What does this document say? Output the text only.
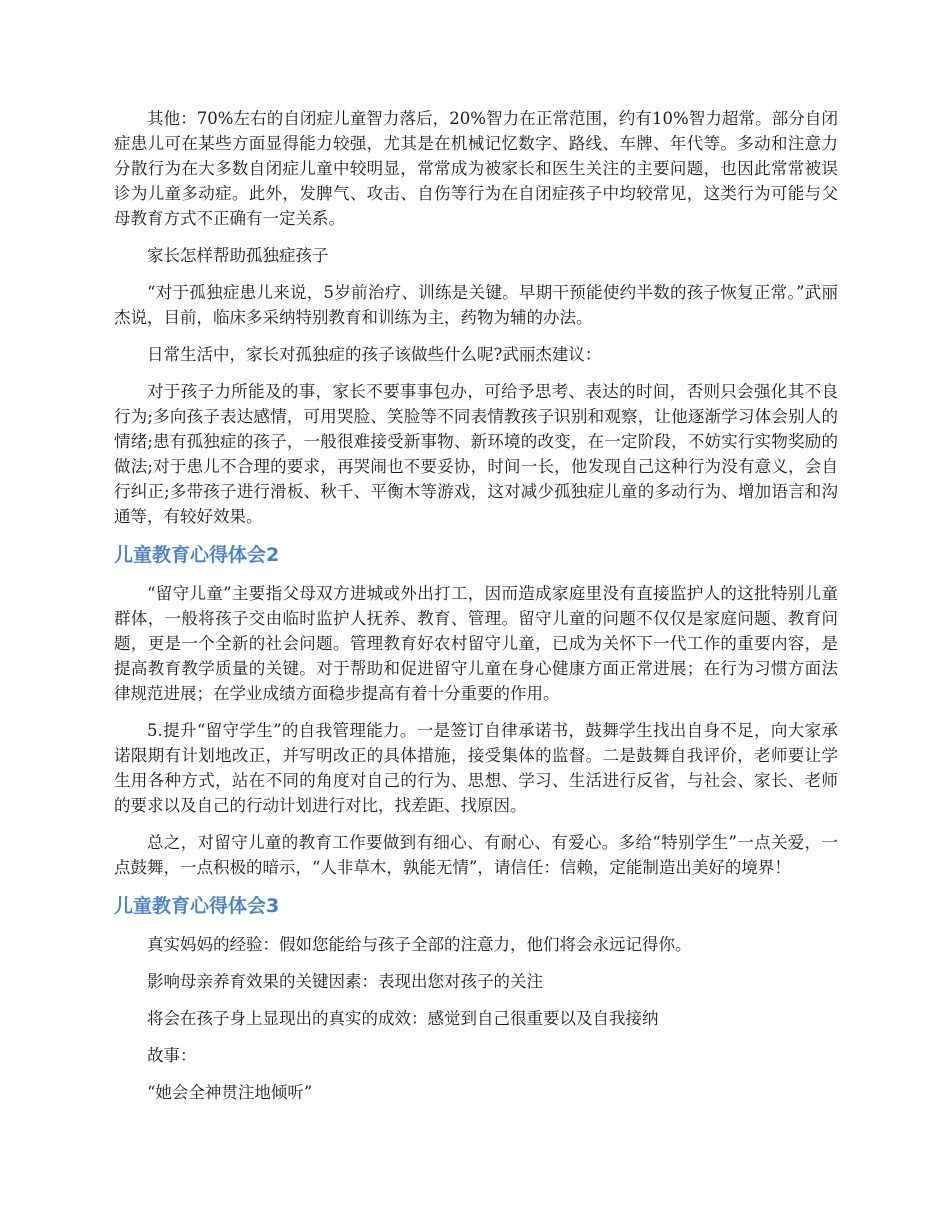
其他：70%左右的自闭症儿童智力落后，20%智力在正常范围，约有10%智力超常。部分自闭症患儿可在某些方面显得能力较强，尤其是在机械记忆数字、路线、车牌、年代等。多动和注意力分散行为在大多数自闭症儿童中较明显，常常成为被家长和医生关注的主要问题，也因此常常被误诊为儿童多动症。此外，发脾气、攻击、自伤等行为在自闭症孩子中均较常见，这类行为可能与父母教育方式不正确有一定关系。

家长怎样帮助孤独症孩子

“对于孤独症患儿来说，5岁前治疗、训练是关键。早期干预能使约半数的孩子恢复正常。”武丽杰说，目前，临床多采纳特别教育和训练为主，药物为辅的办法。

日常生活中，家长对孤独症的孩子该做些什么呢?武丽杰建议：

对于孩子力所能及的事，家长不要事事包办，可给予思考、表达的时间，否则只会强化其不良行为;多向孩子表达感情，可用哭脸、笑脸等不同表情教孩子识别和观察，让他逐渐学习体会别人的情绪;患有孤独症的孩子，一般很难接受新事物、新环境的改变，在一定阶段，不妨实行实物奖励的做法;对于患儿不合理的要求，再哭闹也不要妥协，时间一长，他发现自己这种行为没有意义，会自行纠正;多带孩子进行滑板、秋千、平衡木等游戏，这对减少孤独症儿童的多动行为、增加语言和沟通等，有较好效果。

儿童教育心得体会2

“留守儿童”主要指父母双方进城或外出打工，因而造成家庭里没有直接监护人的这批特别儿童群体，一般将孩子交由临时监护人抚养、教育、管理。留守儿童的问题不仅仅是家庭问题、教育问题，更是一个全新的社会问题。管理教育好农村留守儿童，已成为关怀下一代工作的重要内容，是提高教育教学质量的关键。对于帮助和促进留守儿童在身心健康方面正常进展；在行为习惯方面法律规范进展；在学业成绩方面稳步提高有着十分重要的作用。

5.提升“留守学生”的自我管理能力。一是签订自律承诺书，鼓舞学生找出自身不足，向大家承诺限期有计划地改正，并写明改正的具体措施，接受集体的监督。二是鼓舞自我评价，老师要让学生用各种方式，站在不同的角度对自己的行为、思想、学习、生活进行反省，与社会、家长、老师的要求以及自己的行动计划进行对比，找差距、找原因。

总之，对留守儿童的教育工作要做到有细心、有耐心、有爱心。多给“特别学生”一点关爱，一点鼓舞，一点积极的暗示，“人非草木，孰能无情”，请信任：信赖，定能制造出美好的境界！

儿童教育心得体会3

真实妈妈的经验：假如您能给与孩子全部的注意力，他们将会永远记得你。

影响母亲养育效果的关键因素：表现出您对孩子的关注

将会在孩子身上显现出的真实的成效：感觉到自己很重要以及自我接纳

故事：

“她会全神贯注地倾听”
